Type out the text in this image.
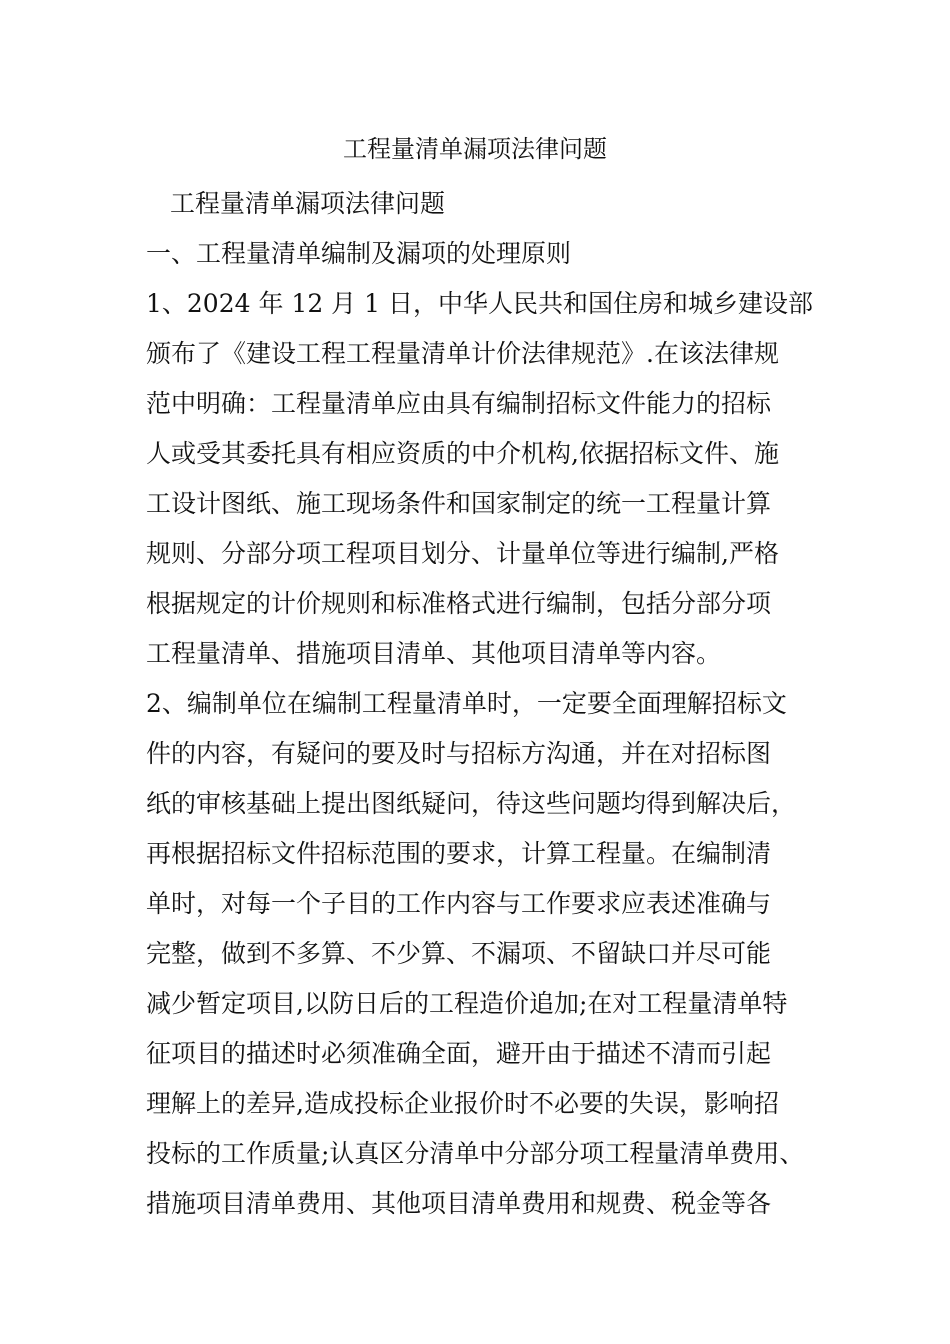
工程量清单漏项法律问题
工程量清单漏项法律问题
一、工程量清单编制及漏项的处理原则
1、2024 年 12 月 1 日，中华人民共和国住房和城乡建设部
颁布了《建设工程工程量清单计价法律规范》.在该法律规
范中明确：工程量清单应由具有编制招标文件能力的招标
人或受其委托具有相应资质的中介机构,依据招标文件、施
工设计图纸、施工现场条件和国家制定的统一工程量计算
规则、分部分项工程项目划分、计量单位等进行编制,严格
根据规定的计价规则和标准格式进行编制，包括分部分项
工程量清单、措施项目清单、其他项目清单等内容。
2、编制单位在编制工程量清单时，一定要全面理解招标文
件的内容，有疑问的要及时与招标方沟通，并在对招标图
纸的审核基础上提出图纸疑问，待这些问题均得到解决后，
再根据招标文件招标范围的要求，计算工程量。在编制清
单时，对每一个子目的工作内容与工作要求应表述准确与
完整，做到不多算、不少算、不漏项、不留缺口并尽可能
减少暂定项目,以防日后的工程造价追加;在对工程量清单特
征项目的描述时必须准确全面，避开由于描述不清而引起
理解上的差异,造成投标企业报价时不必要的失误，影响招
投标的工作质量;认真区分清单中分部分项工程量清单费用、
措施项目清单费用、其他项目清单费用和规费、税金等各
